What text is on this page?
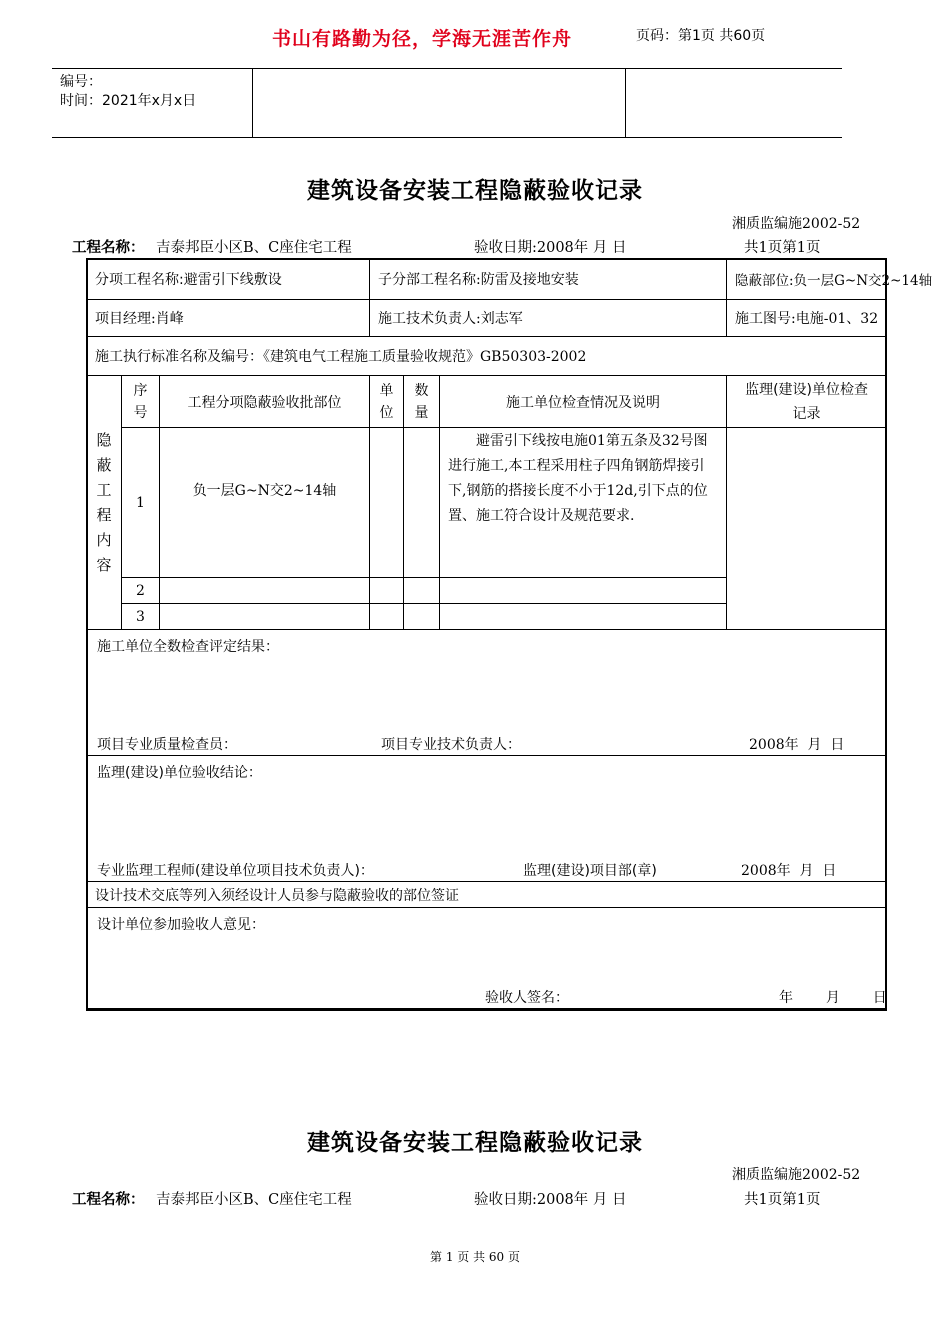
编号：
时间：2021年x月x日
书山有路勤为径，学海无涯苦作舟	页码：第1页 共60页
建筑设备安装工程隐蔽验收记录
湘质监编施2002-52
工程名称： 吉泰邦臣小区B、C座住宅工程	验收日期:2008年 月 日	共1页第1页
分项工程名称:避雷引下线敷设			子分部工程名称:防雷及接地安装			隐蔽部位:负一层G~N交2~14轴
项目经理:肖峰			施工技术负责人:刘志军			施工图号:电施-01、32
施工执行标准名称及编号：《建筑电气工程施工质量验收规范》GB50303-2002						

隐蔽工程内容	序号	工程分项隐蔽验收批部位	单位	数量	施工单位检查情况及说明	监理(建设)单位检查记录

	1	负一层G~N交2~14轴			避雷引下线按电施01第五条及32号图进行施工,本工程采用柱子四角钢筋焊接引下,钢筋的搭接长度不小于12d,引下点的位置、施工符合设计及规范要求.	

	2					
	3					

施工单位全数检查评定结果：
项目专业质量检查员： 项目专业技术负责人： 2008年  月  日						

监理(建设)单位验收结论：
专业监理工程师(建设单位项目技术负责人)： 监理(建设)项目部(章) 2008年  月  日						

设计技术交底等列入须经设计人员参与隐蔽验收的部位签证						

设计单位参加验收人意见：
验收人签名： 年  月  日						
建筑设备安装工程隐蔽验收记录
湘质监编施2002-52
工程名称： 吉泰邦臣小区B、C座住宅工程	验收日期:2008年 月 日	共1页第1页
第 1 页 共 60 页
